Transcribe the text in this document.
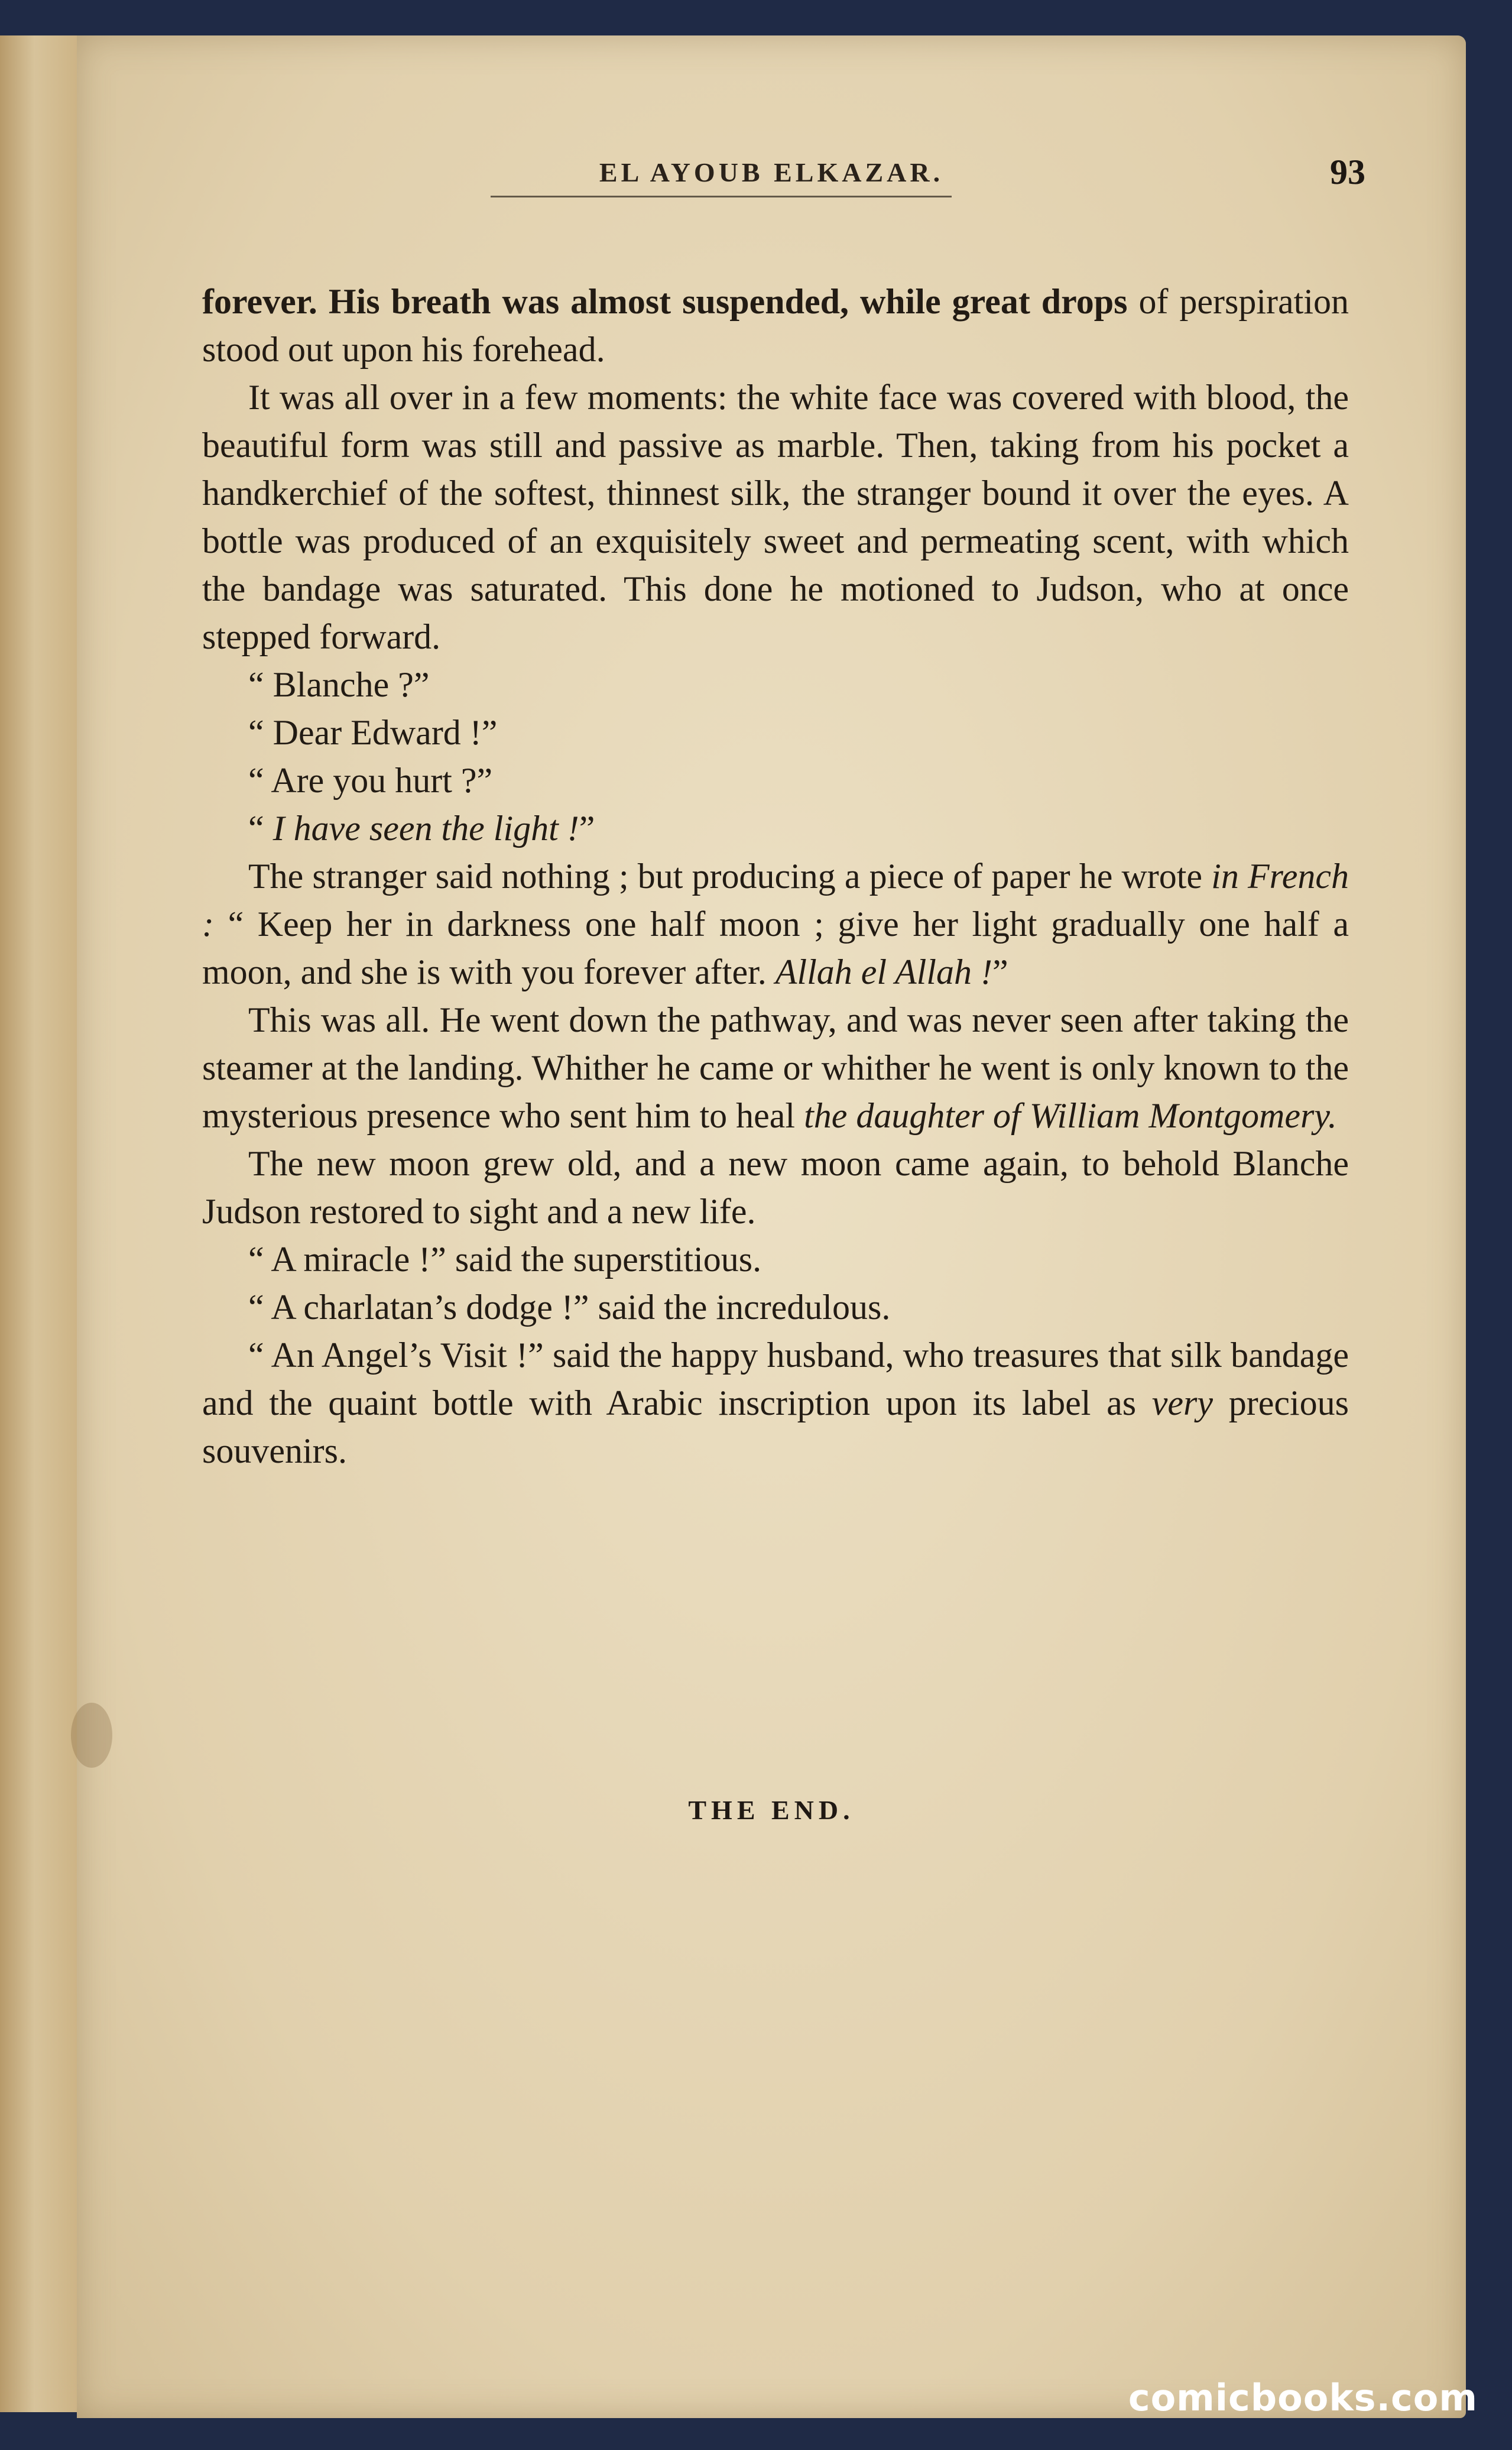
EL AYOUB ELKAZAR.	93

forever. His breath was almost suspended, while great drops of perspiration stood out upon his forehead.

It was all over in a few moments: the white face was covered with blood, the beautiful form was still and passive as marble. Then, taking from his pocket a handkerchief of the softest, thinnest silk, the stranger bound it over the eyes. A bottle was produced of an exquisitely sweet and permeating scent, with which the bandage was saturated. This done he motioned to Judson, who at once stepped forward.

“ Blanche ?”

“ Dear Edward !”

“ Are you hurt ?”

“ I have seen the light !”

The stranger said nothing ; but producing a piece of paper he wrote in French : “ Keep her in darkness one half moon ; give her light gradually one half a moon, and she is with you forever after. Allah el Allah !”

This was all. He went down the pathway, and was never seen after taking the steamer at the landing. Whither he came or whither he went is only known to the mysterious presence who sent him to heal the daughter of William Montgomery.

The new moon grew old, and a new moon came again, to behold Blanche Judson restored to sight and a new life.

“ A miracle !” said the superstitious.

“ A charlatan’s dodge !” said the incredulous.

“ An Angel’s Visit !” said the happy husband, who treasures that silk bandage and the quaint bottle with Arabic inscription upon its label as very precious souvenirs.

THE END.
comicbooks.com
